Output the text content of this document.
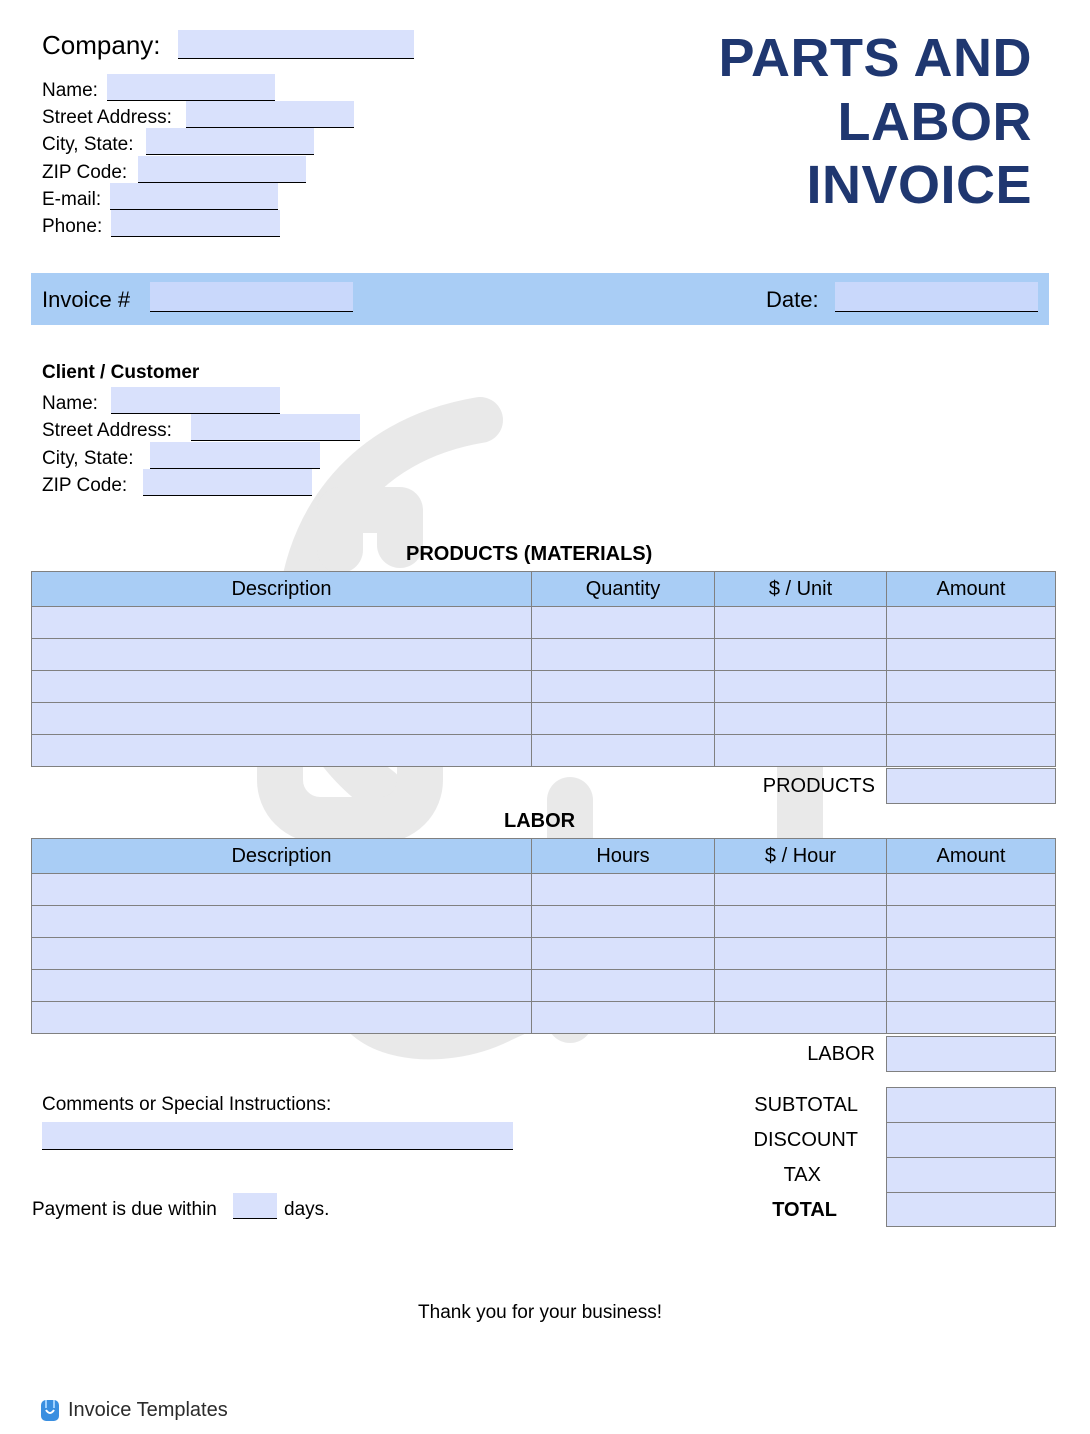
Company:
Name:
Street Address:
City, State:
ZIP Code:
E-mail:
Phone:
PARTS AND
LABOR
INVOICE
Invoice #	Date:
Client / Customer
Name:
Street Address:
City, State:
ZIP Code:
PRODUCTS (MATERIALS)
Description	Quantity	$ / Unit	Amount

PRODUCTS
LABOR
Description	Hours	$ / Hour	Amount

LABOR
Comments or Special Instructions:
Payment is due within	days.
SUBTOTAL
DISCOUNT
TAX
TOTAL
Thank you for your business!
Invoice Templates
